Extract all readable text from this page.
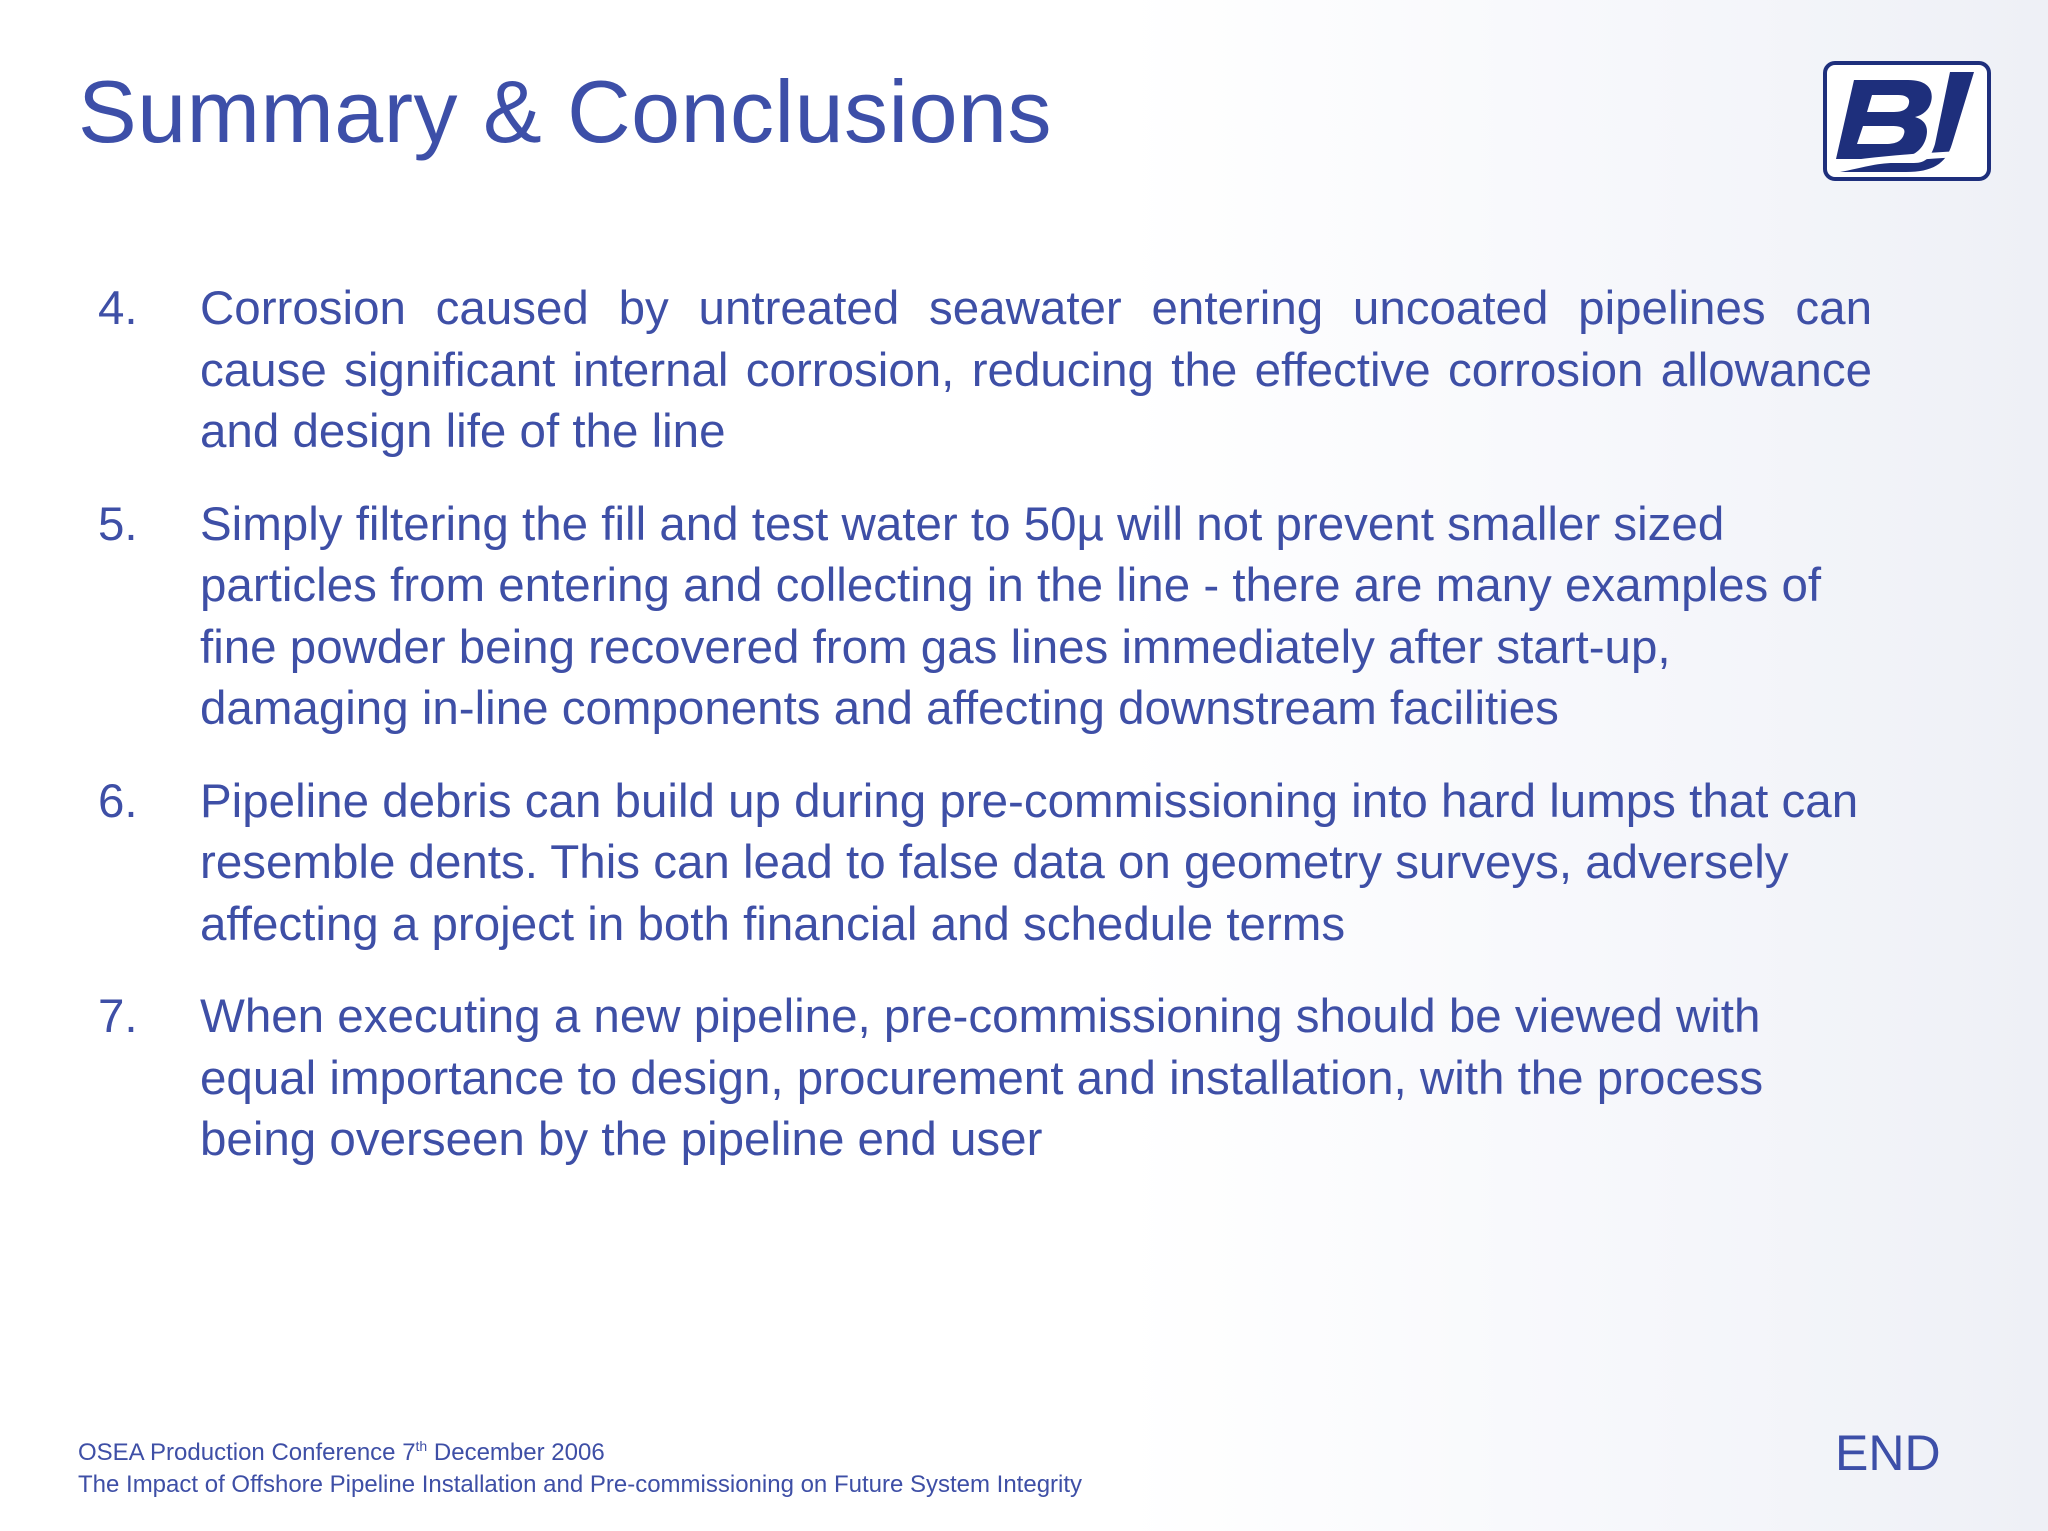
Summary & Conclusions
4.	Corrosion caused by untreated seawater entering uncoated pipelines can cause significant internal corrosion, reducing the effective corrosion allowance and design life of the line
5.	Simply filtering the fill and test water to 50µ will not prevent smaller sized particles from entering and collecting in the line - there are many examples of fine powder being recovered from gas lines immediately after start-up, damaging in-line components and affecting downstream facilities
6.	Pipeline debris can build up during pre-commissioning into hard lumps that can resemble dents. This can lead to false data on geometry surveys, adversely affecting a project in both financial and schedule terms
7.	When executing a new pipeline, pre-commissioning should be viewed with equal importance to design, procurement and installation, with the process being overseen by the pipeline end user
OSEA Production Conference 7th December 2006
The Impact of Offshore Pipeline Installation and Pre-commissioning on Future System Integrity
END
